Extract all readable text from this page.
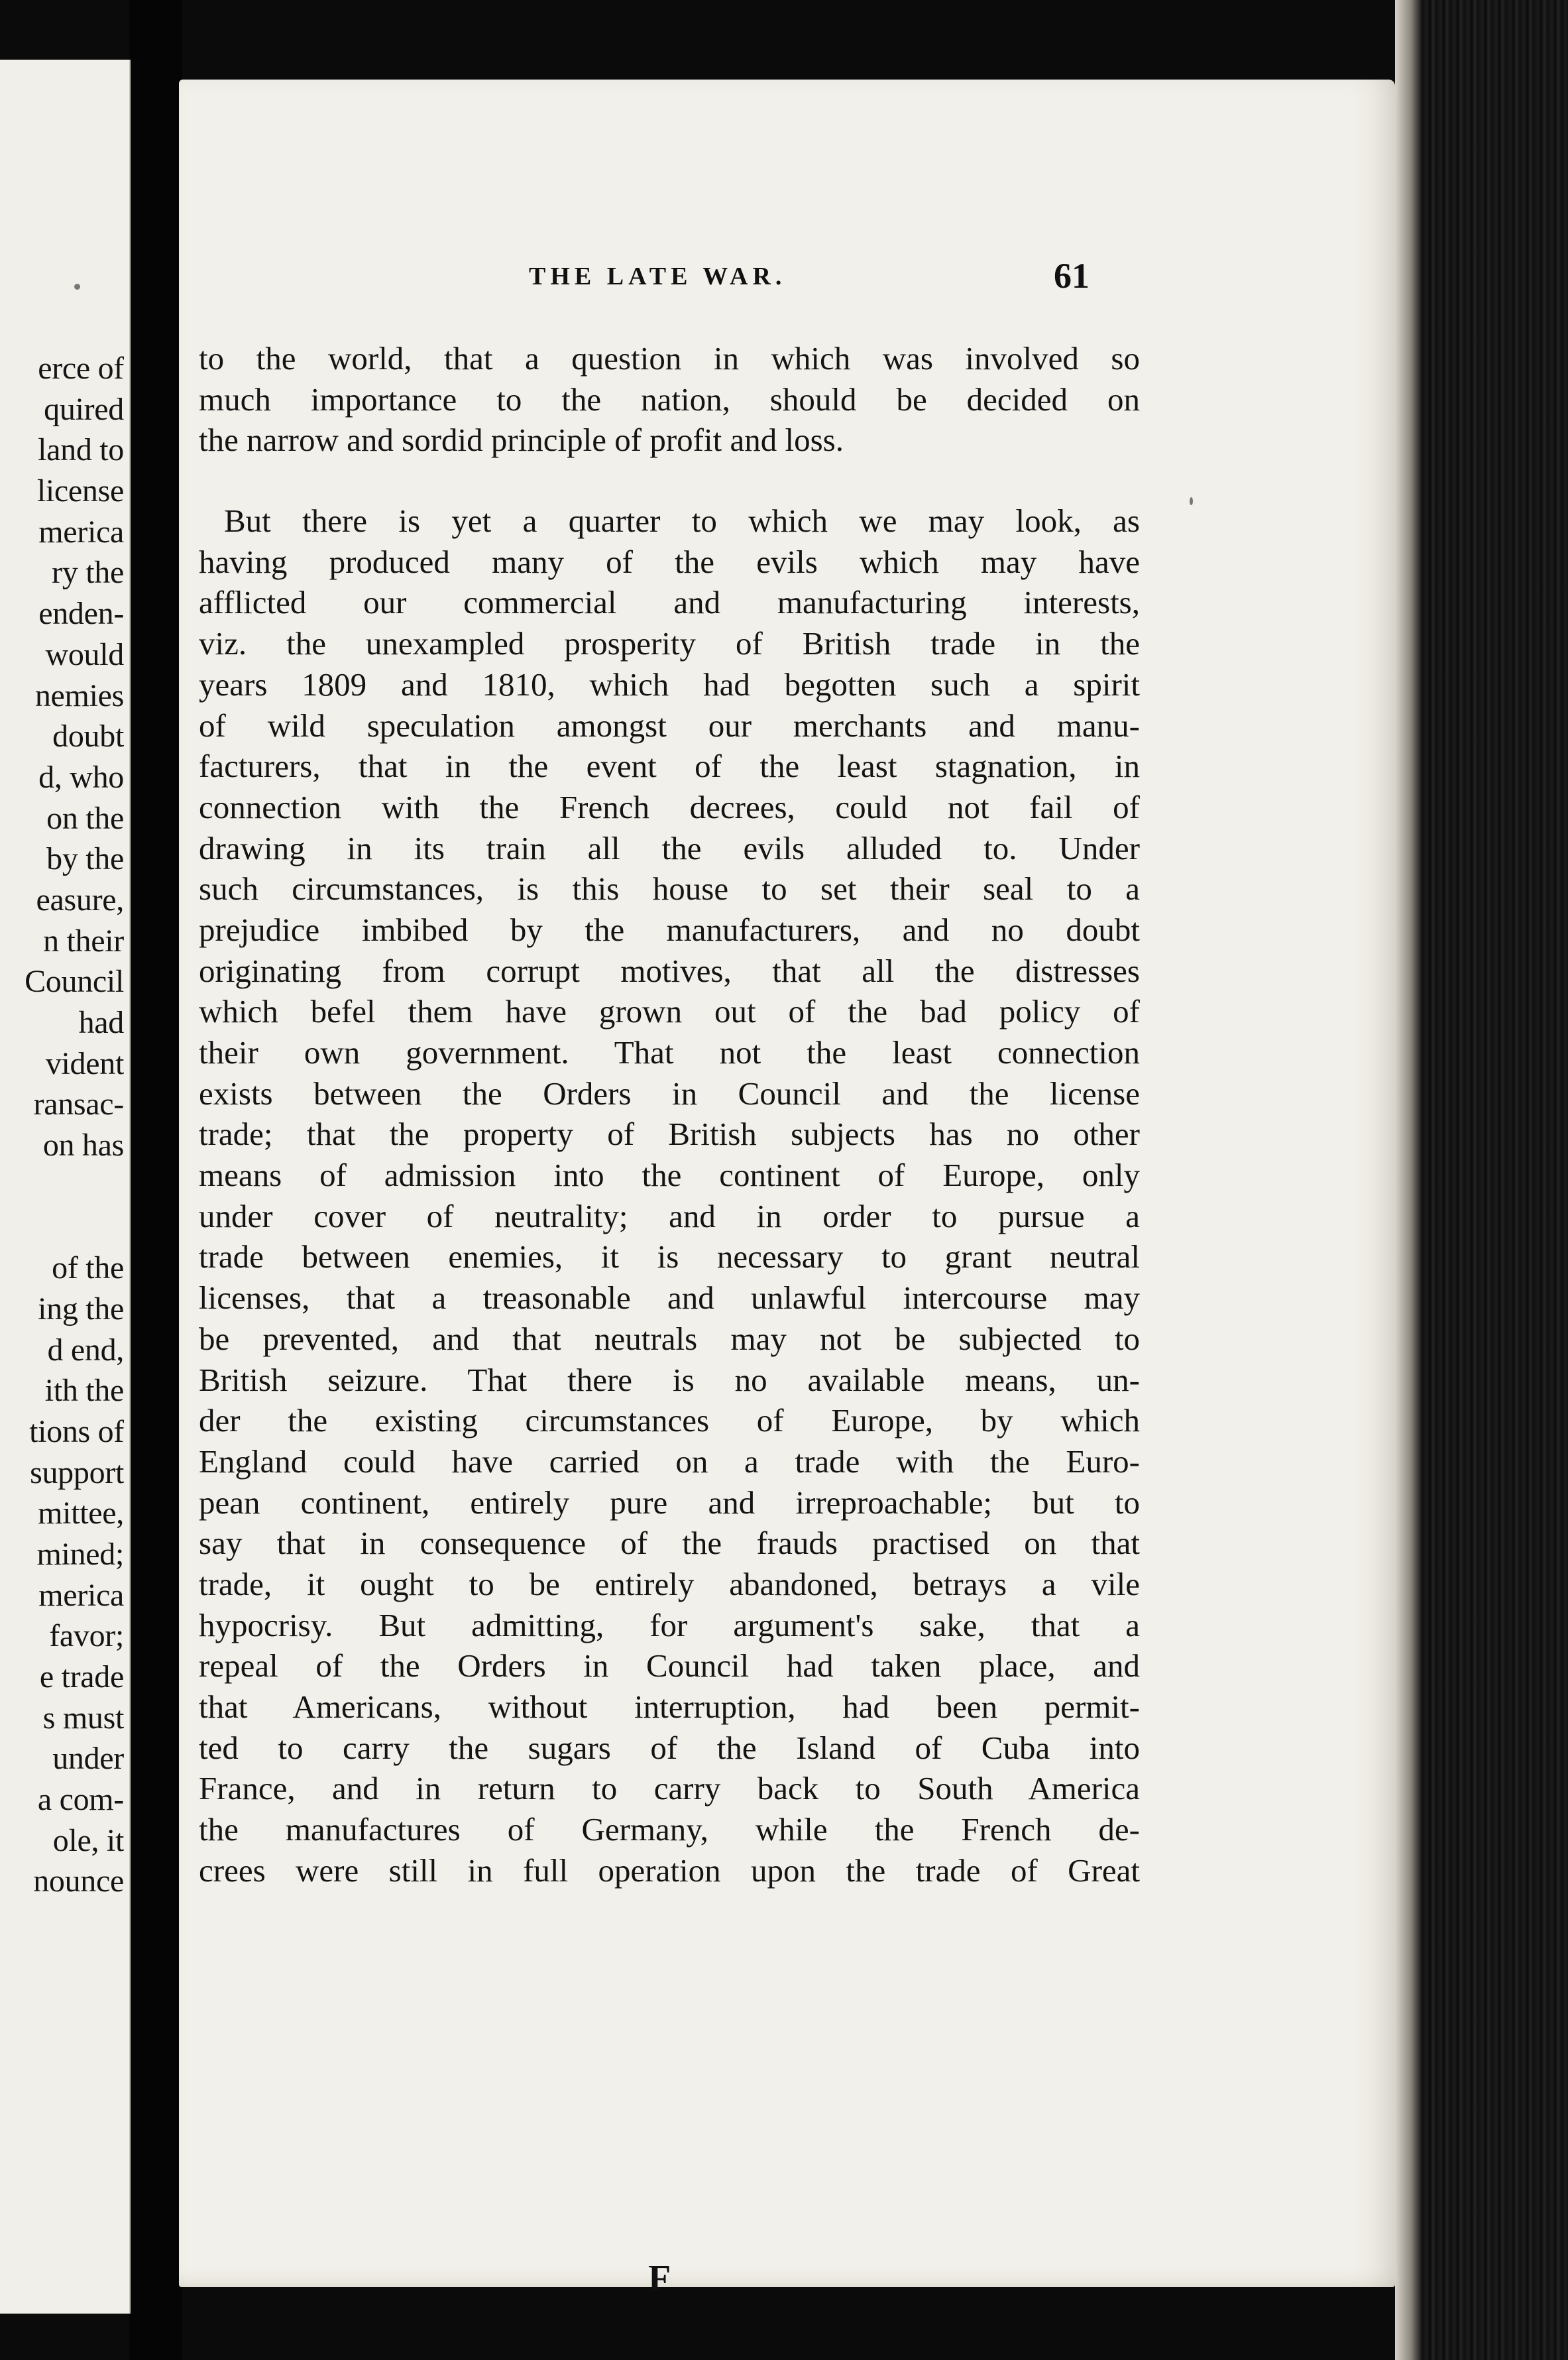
erce of
quired
land to
license
merica
ry the
enden-
would
nemies
doubt
d, who
on the
by the
easure,
n their
Council
had
vident
ransac-
on has
of the
ing the
d end,
ith the
tions of
support
mittee,
mined;
merica
favor;
e trade
s must
under
a com-
ole, it
nounce
THE LATE WAR.	61
to the world, that a question in which was involved so
much importance to the nation, should be decided on
the narrow and sordid principle of profit and loss.
But there is yet a quarter to which we may look, as
having produced many of the evils which may have
afflicted our commercial and manufacturing interests,
viz. the unexampled prosperity of British trade in the
years 1809 and 1810, which had begotten such a spirit
of wild speculation amongst our merchants and manu-
facturers, that in the event of the least stagnation, in
connection with the French decrees, could not fail of
drawing in its train all the evils alluded to. Under
such circumstances, is this house to set their seal to a
prejudice imbibed by the manufacturers, and no doubt
originating from corrupt motives, that all the distresses
which befel them have grown out of the bad policy of
their own government. That not the least connection
exists between the Orders in Council and the license
trade; that the property of British subjects has no other
means of admission into the continent of Europe, only
under cover of neutrality; and in order to pursue a
trade between enemies, it is necessary to grant neutral
licenses, that a treasonable and unlawful intercourse may
be prevented, and that neutrals may not be subjected to
British seizure. That there is no available means, un-
der the existing circumstances of Europe, by which
England could have carried on a trade with the Euro-
pean continent, entirely pure and irreproachable; but to
say that in consequence of the frauds practised on that
trade, it ought to be entirely abandoned, betrays a vile
hypocrisy. But admitting, for argument's sake, that a
repeal of the Orders in Council had taken place, and
that Americans, without interruption, had been permit-
ted to carry the sugars of the Island of Cuba into
France, and in return to carry back to South America
the manufactures of Germany, while the French de-
crees were still in full operation upon the trade of Great
F
